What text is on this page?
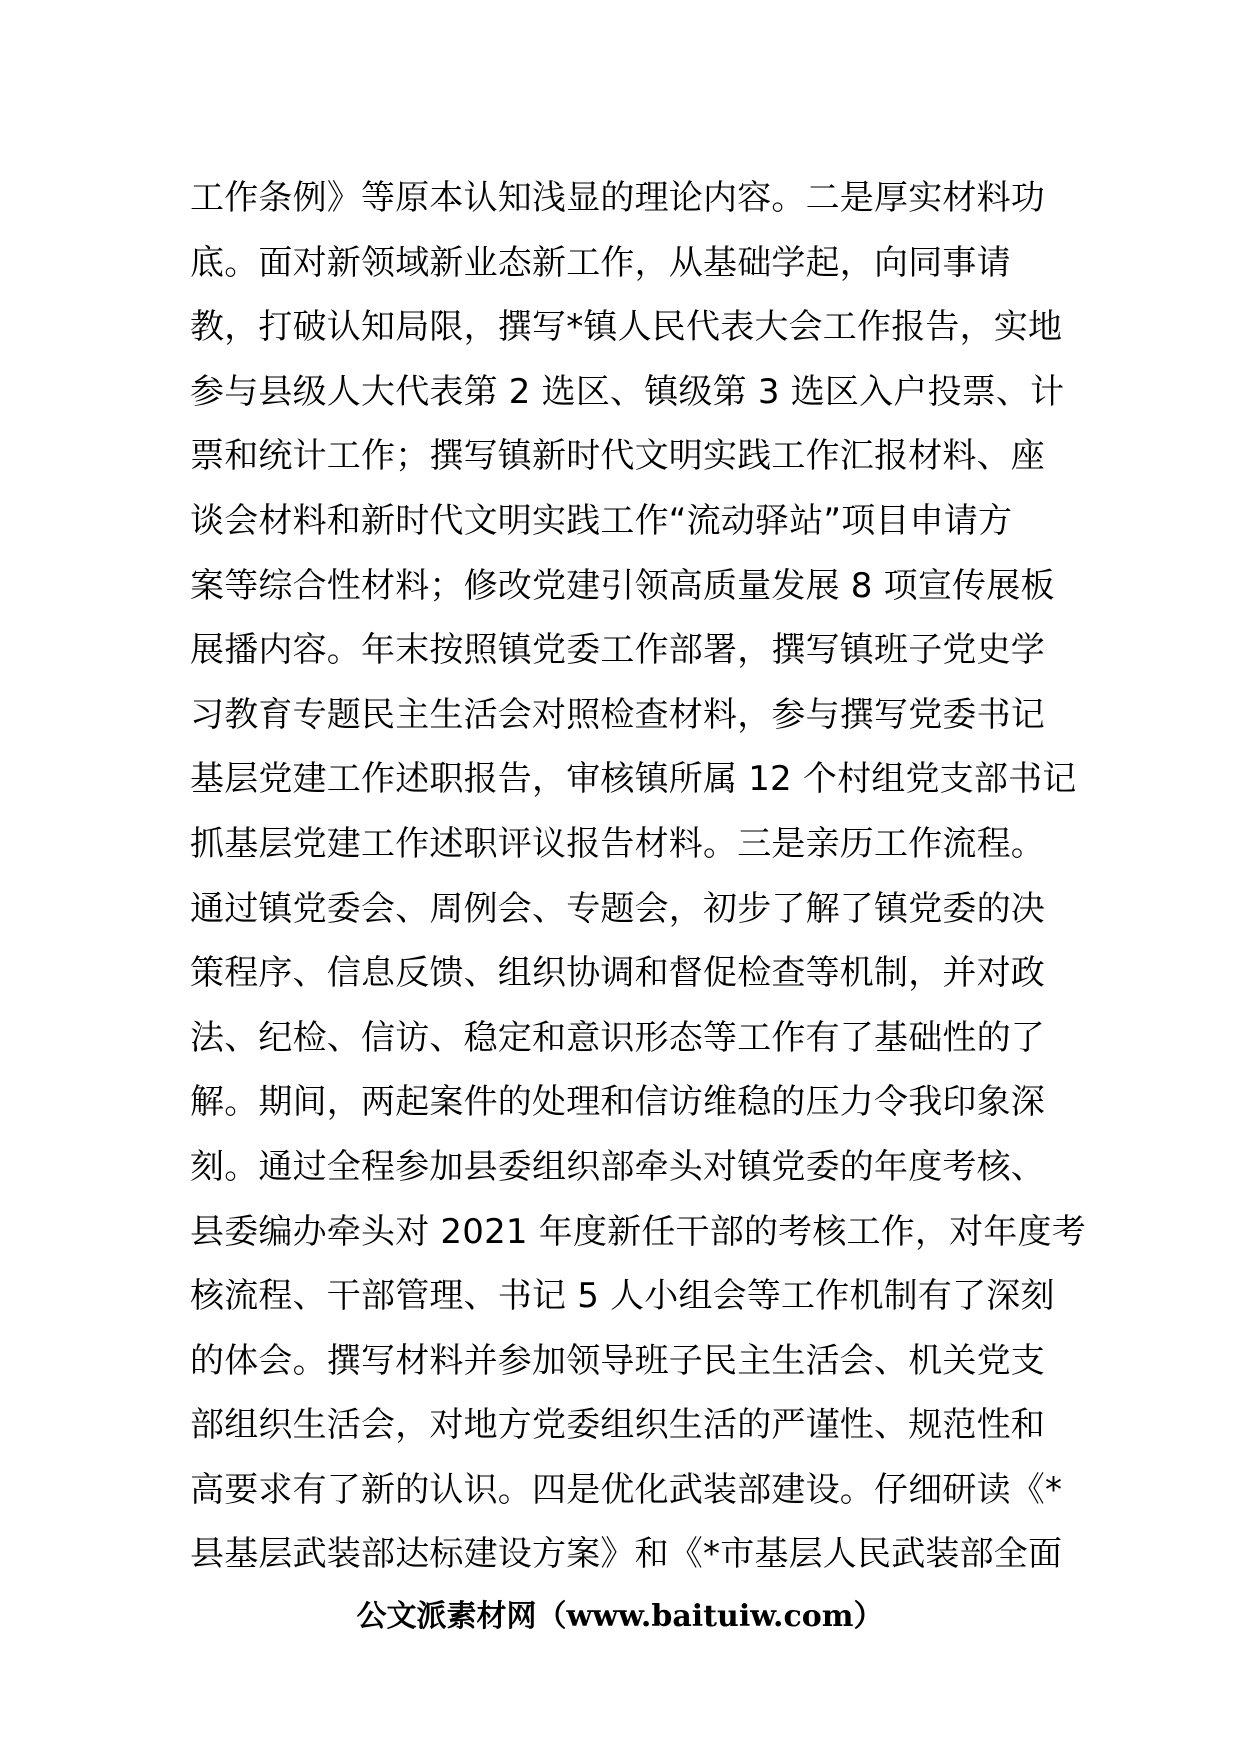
工作条例》等原本认知浅显的理论内容。二是厚实材料功
底。面对新领域新业态新工作，从基础学起，向同事请
教，打破认知局限，撰写*镇人民代表大会工作报告，实地
参与县级人大代表第 2 选区、镇级第 3 选区入户投票、计
票和统计工作；撰写镇新时代文明实践工作汇报材料、座
谈会材料和新时代文明实践工作“流动驿站”项目申请方
案等综合性材料；修改党建引领高质量发展 8 项宣传展板
展播内容。年末按照镇党委工作部署，撰写镇班子党史学
习教育专题民主生活会对照检查材料，参与撰写党委书记
基层党建工作述职报告，审核镇所属 12 个村组党支部书记
抓基层党建工作述职评议报告材料。三是亲历工作流程。
通过镇党委会、周例会、专题会，初步了解了镇党委的决
策程序、信息反馈、组织协调和督促检查等机制，并对政
法、纪检、信访、稳定和意识形态等工作有了基础性的了
解。期间，两起案件的处理和信访维稳的压力令我印象深
刻。通过全程参加县委组织部牵头对镇党委的年度考核、
县委编办牵头对 2021 年度新任干部的考核工作，对年度考
核流程、干部管理、书记 5 人小组会等工作机制有了深刻
的体会。撰写材料并参加领导班子民主生活会、机关党支
部组织生活会，对地方党委组织生活的严谨性、规范性和
高要求有了新的认识。四是优化武装部建设。仔细研读《*
县基层武装部达标建设方案》和《*市基层人民武装部全面
公文派素材网（www.baituiw.com）
